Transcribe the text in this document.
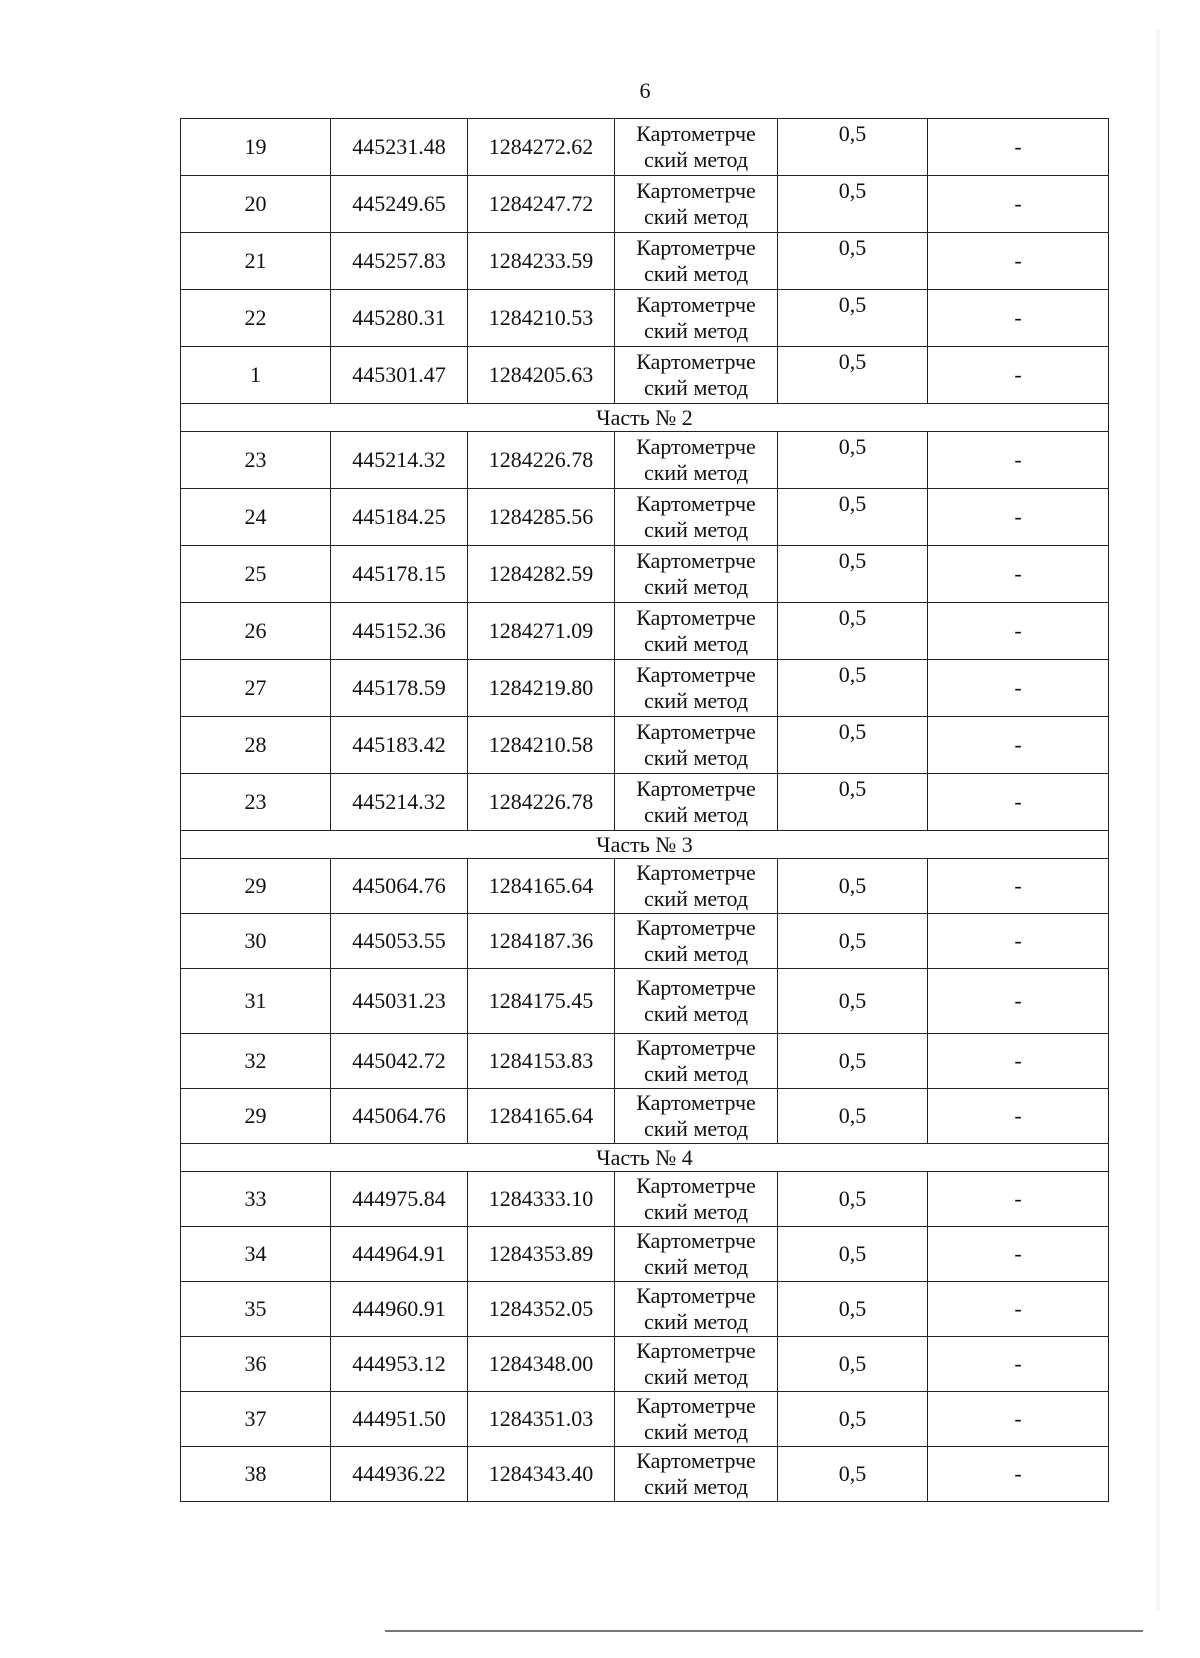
6
19	445231.48	1284272.62	Картометрче
ский метод	0,5	-
20	445249.65	1284247.72	Картометрче
ский метод	0,5	-
21	445257.83	1284233.59	Картометрче
ский метод	0,5	-
22	445280.31	1284210.53	Картометрче
ский метод	0,5	-
1	445301.47	1284205.63	Картометрче
ский метод	0,5	-
Часть № 2					
23	445214.32	1284226.78	Картометрче
ский метод	0,5	-
24	445184.25	1284285.56	Картометрче
ский метод	0,5	-
25	445178.15	1284282.59	Картометрче
ский метод	0,5	-
26	445152.36	1284271.09	Картометрче
ский метод	0,5	-
27	445178.59	1284219.80	Картометрче
ский метод	0,5	-
28	445183.42	1284210.58	Картометрче
ский метод	0,5	-
23	445214.32	1284226.78	Картометрче
ский метод	0,5	-
Часть № 3					
29	445064.76	1284165.64	Картометрче
ский метод	0,5	-
30	445053.55	1284187.36	Картометрче
ский метод	0,5	-
31	445031.23	1284175.45	Картометрче
ский метод	0,5	-
32	445042.72	1284153.83	Картометрче
ский метод	0,5	-
29	445064.76	1284165.64	Картометрче
ский метод	0,5	-
Часть № 4					
33	444975.84	1284333.10	Картометрче
ский метод	0,5	-
34	444964.91	1284353.89	Картометрче
ский метод	0,5	-
35	444960.91	1284352.05	Картометрче
ский метод	0,5	-
36	444953.12	1284348.00	Картометрче
ский метод	0,5	-
37	444951.50	1284351.03	Картометрче
ский метод	0,5	-
38	444936.22	1284343.40	Картометрче
ский метод	0,5	-
